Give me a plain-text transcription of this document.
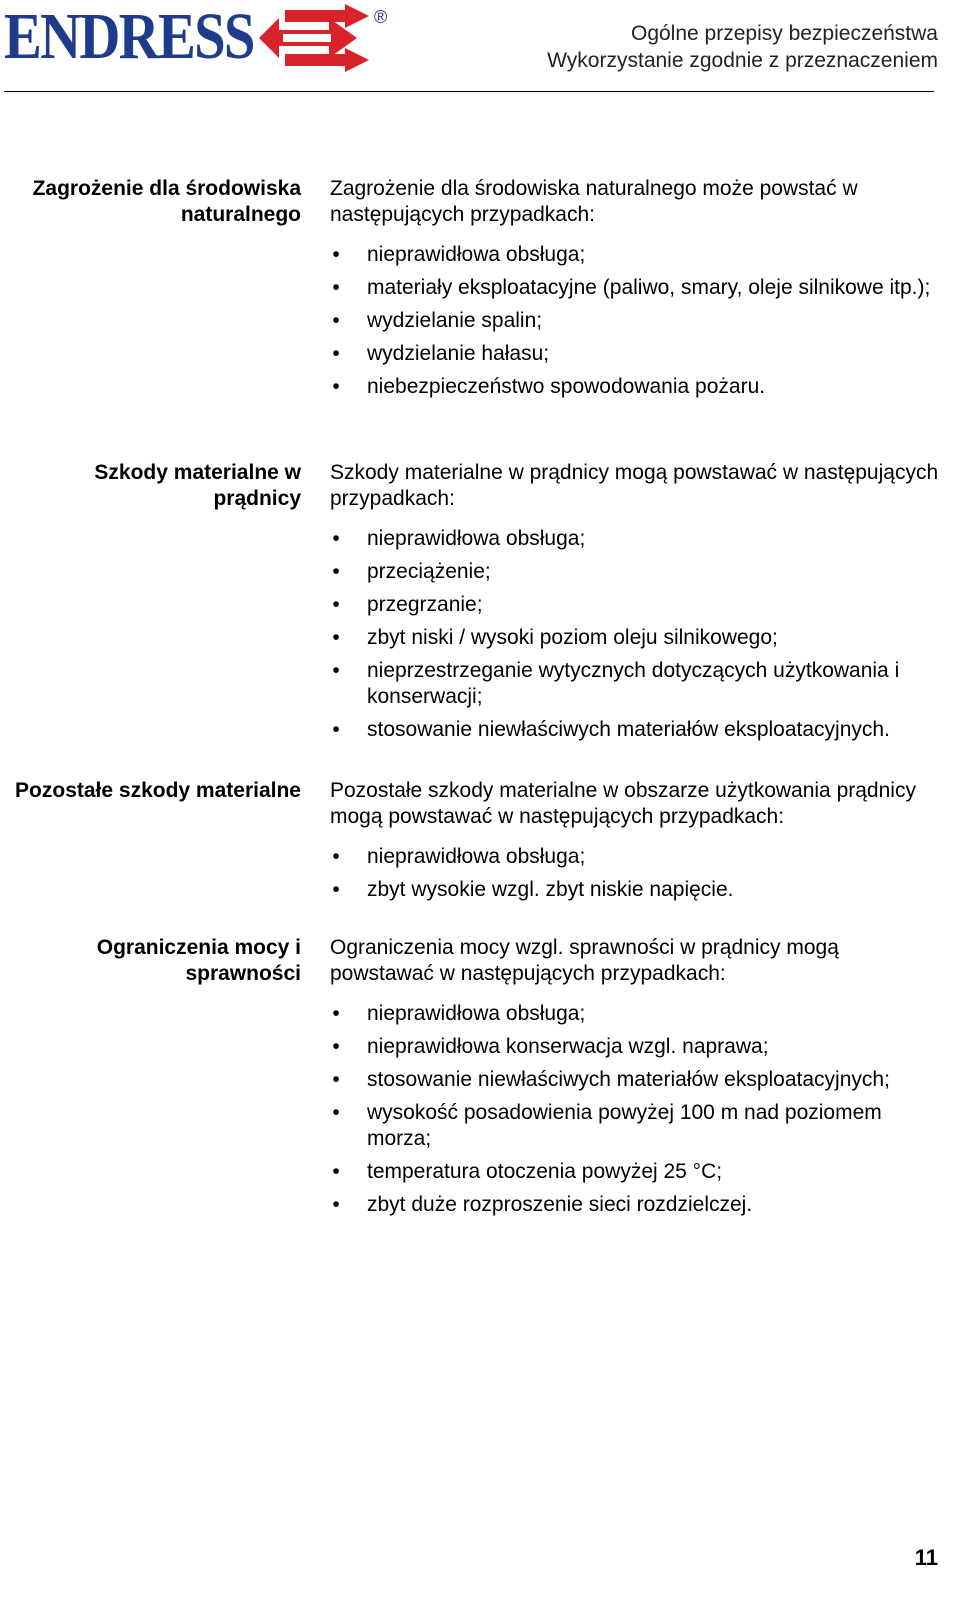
ENDRESS	®
Ogólne przepisy bezpieczeństwa
Wykorzystanie zgodnie z przeznaczeniem
Zagrożenie dla środowiska naturalnego

Zagrożenie dla środowiska naturalnego może powstać w następujących przypadkach:

• nieprawidłowa obsługa;
• materiały eksploatacyjne (paliwo, smary, oleje silnikowe itp.);
• wydzielanie spalin;
• wydzielanie hałasu;
• niebezpieczeństwo spowodowania pożaru.
Szkody materialne w prądnicy

Szkody materialne w prądnicy mogą powstawać w następujących przypadkach:

• nieprawidłowa obsługa;
• przeciążenie;
• przegrzanie;
• zbyt niski / wysoki poziom oleju silnikowego;
• nieprzestrzeganie wytycznych dotyczących użytkowania i konserwacji;
• stosowanie niewłaściwych materiałów eksploatacyjnych.
Pozostałe szkody materialne Pozostałe szkody materialne w obszarze użytkowania prądnicy mogą powstawać w następujących przypadkach:

• nieprawidłowa obsługa;
• zbyt wysokie wzgl. zbyt niskie napięcie.
Ograniczenia mocy i sprawności

Ograniczenia mocy wzgl. sprawności w prądnicy mogą powstawać w następujących przypadkach:

• nieprawidłowa obsługa;
• nieprawidłowa konserwacja wzgl. naprawa;
• stosowanie niewłaściwych materiałów eksploatacyjnych;
• wysokość posadowienia powyżej 100 m nad poziomem morza;
• temperatura otoczenia powyżej 25 °C;
• zbyt duże rozproszenie sieci rozdzielczej.
11
